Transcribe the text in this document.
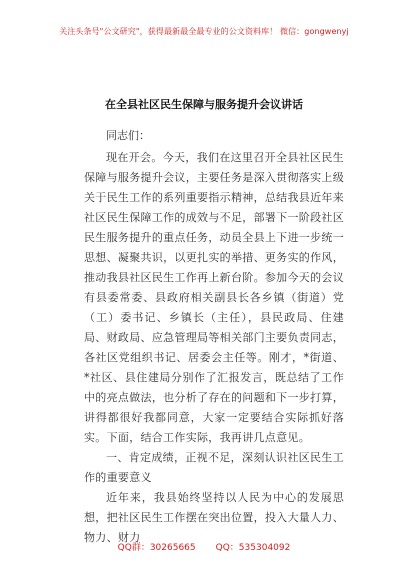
关注头条号"公文研究"，获得最新最全最专业的公文资料库！ 微信：gongwenyj
在全县社区民生保障与服务提升会议讲话

同志们：

现在开会。今天，我们在这里召开全县社区民生保障与服务提升会议，主要任务是深入贯彻落实上级关于民生工作的系列重要指示精神，总结我县近年来社区民生保障工作的成效与不足，部署下一阶段社区民生服务提升的重点任务，动员全县上下进一步统一思想、凝聚共识，以更扎实的举措、更务实的作风，推动我县社区民生工作再上新台阶。参加今天的会议有县委常委、县政府相关副县长各乡镇（街道）党（工）委书记、乡镇长（主任），县民政局、住建局、财政局、应急管理局等相关部门主要负责同志，各社区党组织书记、居委会主任等。刚才，*街道、*社区、县住建局分别作了汇报发言，既总结了工作中的亮点做法，也分析了存在的问题和下一步打算，讲得都很好我都同意，大家一定要结合实际抓好落实。下面，结合工作实际，我再讲几点意见。

一、肯定成绩，正视不足，深刻认识社区民生工作的重要意义

近年来，我县始终坚持以人民为中心的发展思想，把社区民生工作摆在突出位置，投入大量人力、物力、财力

QQ群：30265665 QQ：535304092
